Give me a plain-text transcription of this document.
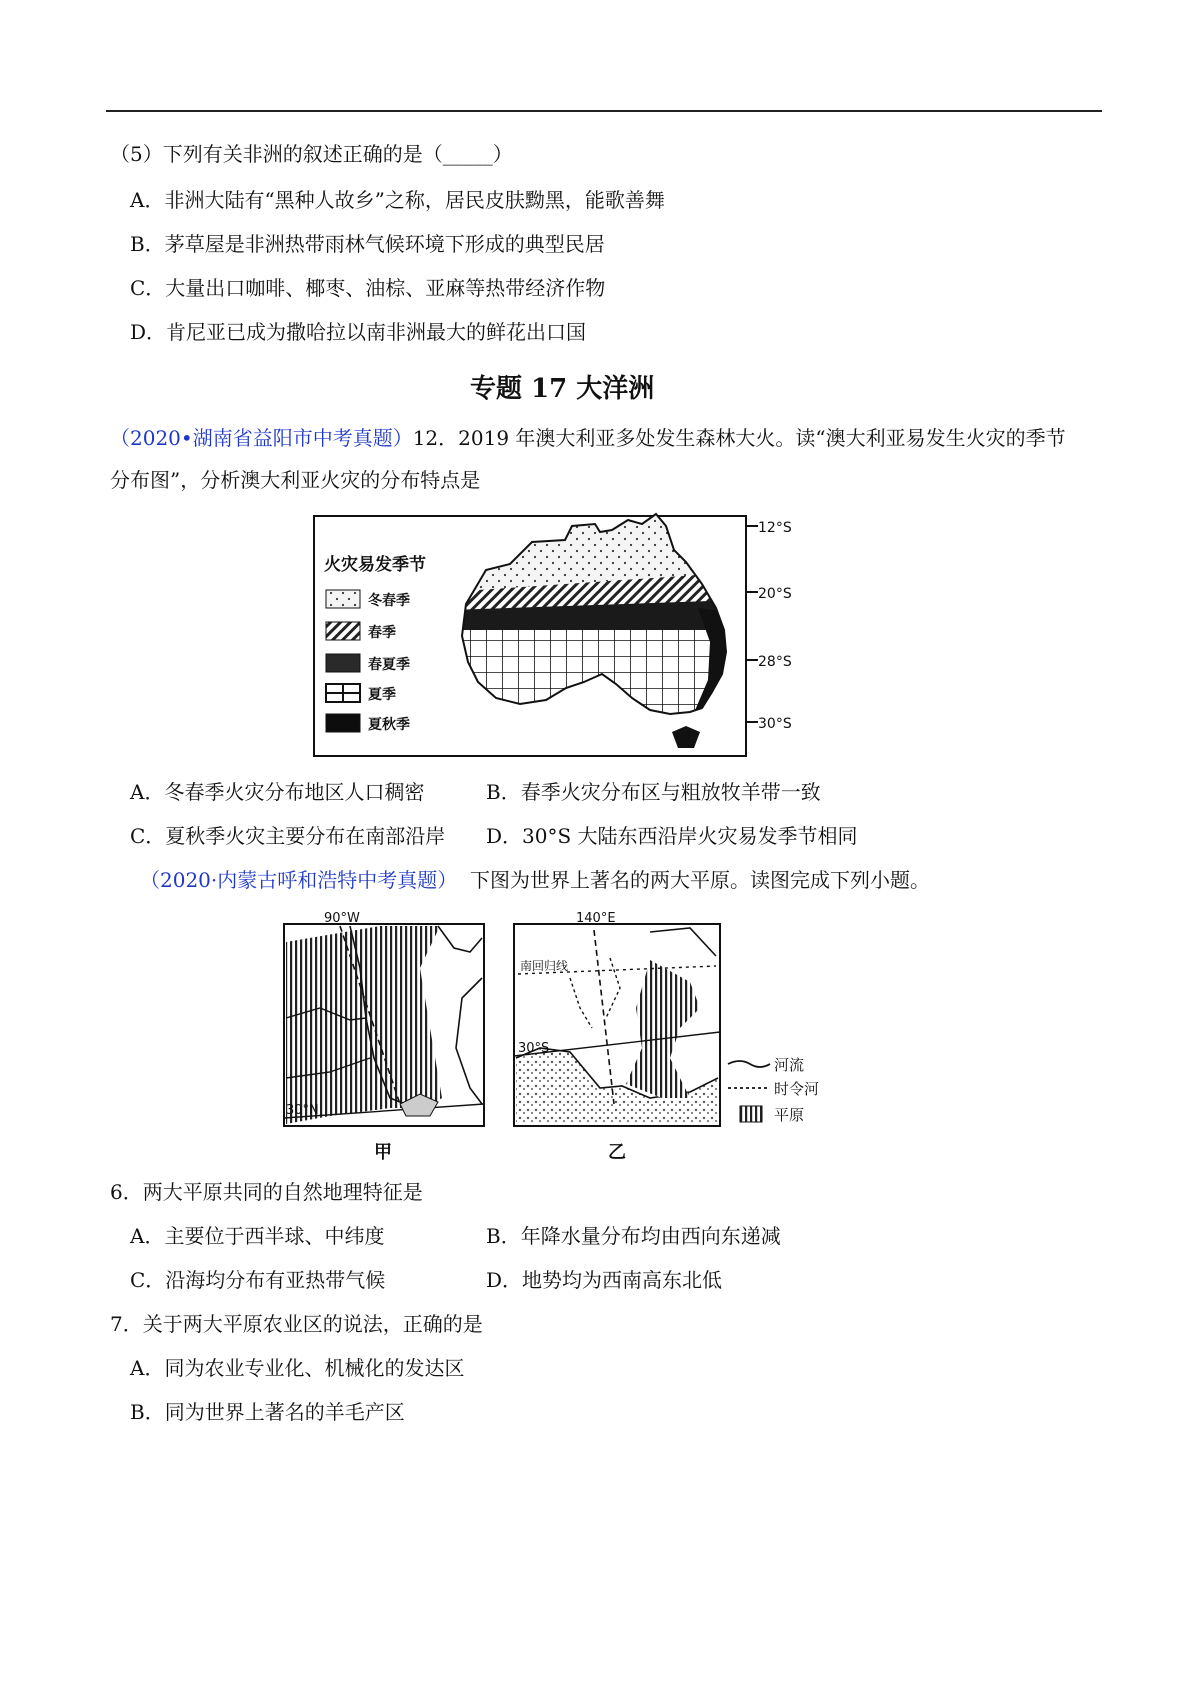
（5）下列有关非洲的叙述正确的是（_____）
A．非洲大陆有“黑种人故乡”之称，居民皮肤黝黑，能歌善舞
B．茅草屋是非洲热带雨林气候环境下形成的典型民居
C．大量出口咖啡、椰枣、油棕、亚麻等热带经济作物
D．肯尼亚已成为撒哈拉以南非洲最大的鲜花出口国
专题 17 大洋洲
（2020•湖南省益阳市中考真题）12．2019 年澳大利亚多处发生森林大火。读“澳大利亚易发生火灾的季节
分布图”，分析澳大利亚火灾的分布特点是
火灾易发季节
冬春季
春季
春夏季
夏季
夏秋季
12°S
20°S
28°S
30°S
A．冬春季火灾分布地区人口稠密	B．春季火灾分布区与粗放牧羊带一致
C．夏秋季火灾主要分布在南部沿岸 D．30°S 大陆东西沿岸火灾易发季节相同
（2020·内蒙古呼和浩特中考真题） 下图为世界上著名的两大平原。读图完成下列小题。
90°W
30°N
甲
140°E
南回归线
30°S
乙
河流
时令河
平原
6．两大平原共同的自然地理特征是
A．主要位于西半球、中纬度	B．年降水量分布均由西向东递减
C．沿海均分布有亚热带气候	D．地势均为西南高东北低
7．关于两大平原农业区的说法，正确的是
A．同为农业专业化、机械化的发达区
B．同为世界上著名的羊毛产区
